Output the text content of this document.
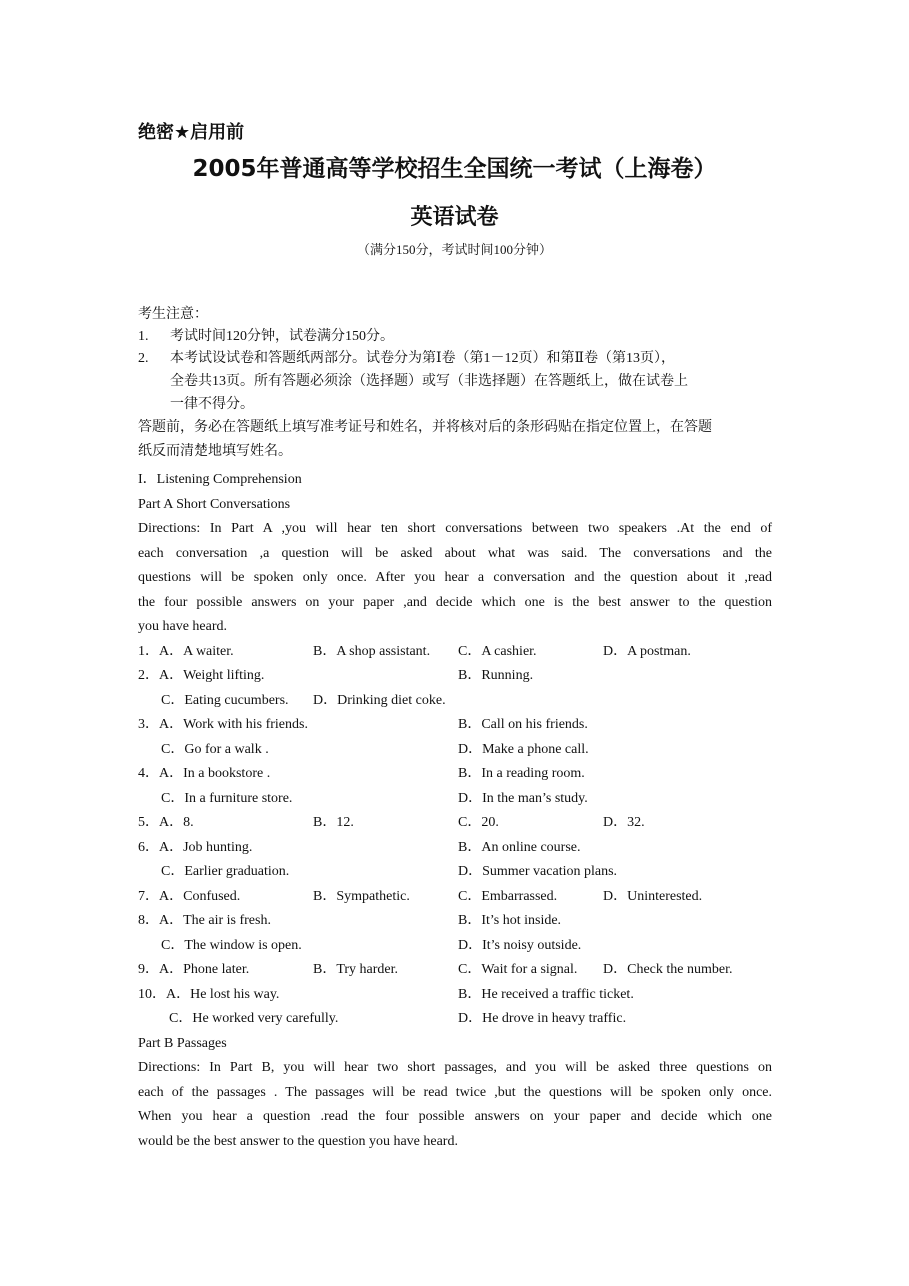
绝密★启用前
2005年普通高等学校招生全国统一考试（上海卷）
英语试卷
（满分150分，考试时间100分钟）
考生注意：
1.	考试时间120分钟，试卷满分150分。
2.	本考试设试卷和答题纸两部分。试卷分为第Ⅰ卷（第1－12页）和第Ⅱ卷（第13页），
全卷共13页。所有答题必须涂（选择题）或写（非选择题）在答题纸上，做在试卷上
一律不得分。
答题前，务必在答题纸上填写准考证号和姓名，并将核对后的条形码贴在指定位置上，在答题
纸反而清楚地填写姓名。
I．Listening Comprehension
Part A Short Conversations
Directions: In Part A ,you will hear ten short conversations between two speakers .At the end of
each conversation ,a question will be asked about what was said. The conversations and the
questions will be spoken only once. After you hear a conversation and the question about it ,read
the four possible answers on your paper ,and decide which one is the best answer to the question
you have heard.
1．A．A waiter.	B．A shop assistant. C．A cashier.	D．A postman.
2．A．Weight lifting.	B．Running.
C．Eating cucumbers. D．Drinking diet coke.
3．A．Work with his friends.	B．Call on his friends.
C．Go for a walk .	D．Make a phone call.
4．A．In a bookstore .	B．In a reading room.
C．In a furniture store.	D．In the man’s study.
5．A．8.	B．12.	C．20.	D．32.
6．A．Job hunting.	B．An online course.
C．Earlier graduation.	D．Summer vacation plans.
7．A．Confused.	B．Sympathetic.	C．Embarrassed.	D．Uninterested.
8．A．The air is fresh.	B．It’s hot inside.
C．The window is open.	D．It’s noisy outside.
9．A．Phone later.	B．Try harder.	C．Wait for a signal. D．Check the number.
10．A．He lost his way.	B．He received a traffic ticket.
C．He worked very carefully.	D．He drove in heavy traffic.
Part B Passages
Directions: In Part B, you will hear two short passages, and you will be asked three questions on
each of the passages . The passages will be read twice ,but the questions will be spoken only once.
When you hear a question .read the four possible answers on your paper and decide which one
would be the best answer to the question you have heard.
